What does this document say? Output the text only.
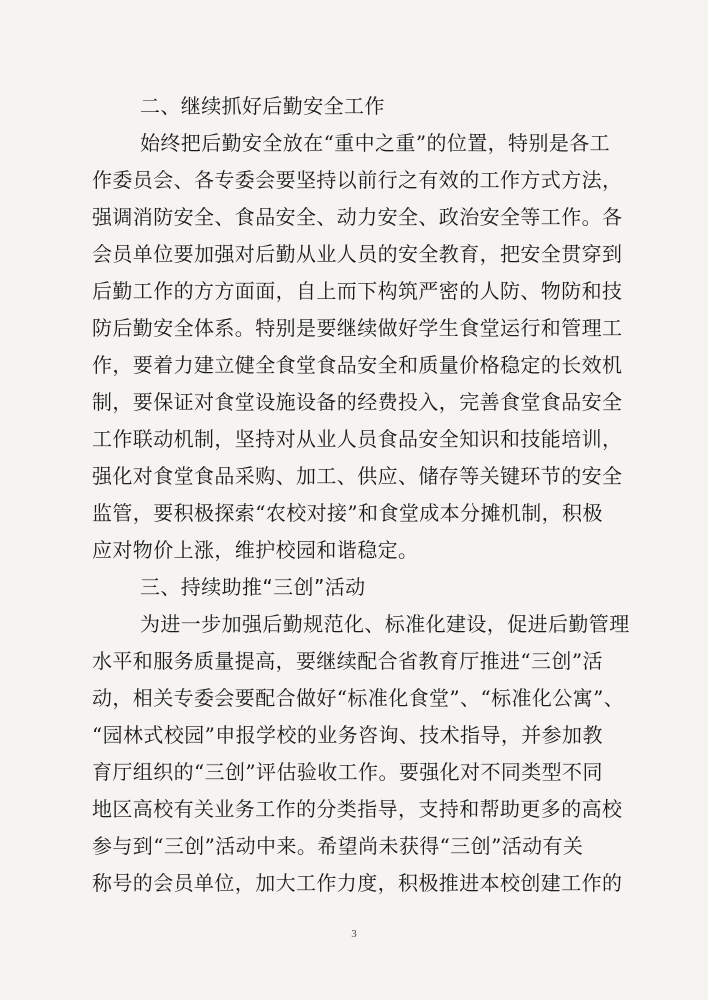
二、继续抓好后勤安全工作
始终把后勤安全放在“重中之重”的位置，特别是各工
作委员会、各专委会要坚持以前行之有效的工作方式方法，
强调消防安全、食品安全、动力安全、政治安全等工作。各
会员单位要加强对后勤从业人员的安全教育，把安全贯穿到
后勤工作的方方面面，自上而下构筑严密的人防、物防和技
防后勤安全体系。特别是要继续做好学生食堂运行和管理工
作，要着力建立健全食堂食品安全和质量价格稳定的长效机
制，要保证对食堂设施设备的经费投入，完善食堂食品安全
工作联动机制，坚持对从业人员食品安全知识和技能培训，
强化对食堂食品采购、加工、供应、储存等关键环节的安全
监管，要积极探索“农校对接”和食堂成本分摊机制，积极
应对物价上涨，维护校园和谐稳定。
三、持续助推“三创”活动
为进一步加强后勤规范化、标准化建设，促进后勤管理
水平和服务质量提高，要继续配合省教育厅推进“三创”活
动，相关专委会要配合做好“标准化食堂”、“标准化公寓”、
“园林式校园”申报学校的业务咨询、技术指导，并参加教
育厅组织的“三创”评估验收工作。要强化对不同类型不同
地区高校有关业务工作的分类指导，支持和帮助更多的高校
参与到“三创”活动中来。希望尚未获得“三创”活动有关
称号的会员单位，加大工作力度，积极推进本校创建工作的
3
